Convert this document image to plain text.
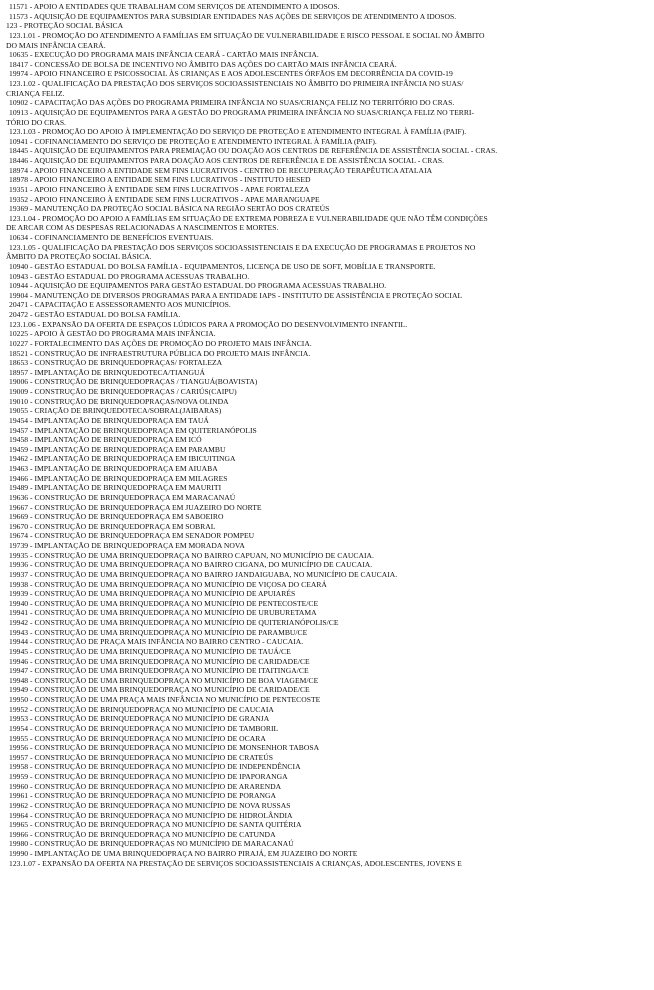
11571 - APOIO A ENTIDADES QUE TRABALHAM COM SERVIÇOS DE ATENDIMENTO A IDOSOS.
11573 - AQUISIÇÃO DE EQUIPAMENTOS PARA SUBSIDIAR ENTIDADES NAS AÇÕES DE SERVIÇOS DE ATENDIMENTO A IDOSOS.
123 - PROTEÇÃO SOCIAL BÁSICA
123.1.01 - PROMOÇÃO DO ATENDIMENTO A FAMÍLIAS EM SITUAÇÃO DE VULNERABILIDADE E RISCO PESSOAL E SOCIAL NO ÂMBITO
DO MAIS INFÂNCIA CEARÁ.
10635 - EXECUÇÃO DO PROGRAMA MAIS INFÂNCIA CEARÁ - CARTÃO MAIS INFÂNCIA.
18417 - CONCESSÃO DE BOLSA DE INCENTIVO NO ÂMBITO DAS AÇÕES DO CARTÃO MAIS INFÂNCIA CEARÁ.
19974 - APOIO FINANCEIRO E PSICOSSOCIAL ÀS CRIANÇAS E AOS ADOLESCENTES ÓRFÃOS EM DECORRÊNCIA DA COVID-19
123.1.02 - QUALIFICAÇÃO DA PRESTAÇÃO DOS SERVIÇOS SOCIOASSISTENCIAIS NO ÂMBITO DO PRIMEIRA INFÂNCIA NO SUAS/
CRIANÇA FELIZ.
10902 - CAPACITAÇÃO DAS AÇÕES DO PROGRAMA PRIMEIRA INFÂNCIA NO SUAS/CRIANÇA FELIZ NO TERRITÓRIO DO CRAS.
10913 - AQUISIÇÃO DE EQUIPAMENTOS PARA A GESTÃO DO PROGRAMA PRIMEIRA INFÂNCIA NO SUAS/CRIANÇA FELIZ NO TERRI-
TÓRIO DO CRAS.
123.1.03 - PROMOÇÃO DO APOIO À IMPLEMENTAÇÃO DO SERVIÇO DE PROTEÇÃO E ATENDIMENTO INTEGRAL À FAMÍLIA (PAIF).
10941 - COFINANCIAMENTO DO SERVIÇO DE PROTEÇÃO E ATENDIMENTO INTEGRAL À FAMÍLIA (PAIF).
18445 - AQUISIÇÃO DE EQUIPAMENTOS PARA PREMIAÇÃO OU DOAÇÃO AOS CENTROS DE REFERÊNCIA DE ASSISTÊNCIA SOCIAL - CRAS.
18446 - AQUISIÇÃO DE EQUIPAMENTOS PARA DOAÇÃO AOS CENTROS DE REFERÊNCIA E DE ASSISTÊNCIA SOCIAL - CRAS.
18974 - APOIO FINANCEIRO A ENTIDADE SEM FINS LUCRATIVOS - CENTRO DE RECUPERAÇÃO TERAPÊUTICA ATALAIA
18978 - APOIO FINANCEIRO A ENTIDADE SEM FINS LUCRATIVOS - INSTITUTO HESED
19351 - APOIO FINANCEIRO À ENTIDADE SEM FINS LUCRATIVOS - APAE FORTALEZA
19352 - APOIO FINANCEIRO À ENTIDADE SEM FINS LUCRATIVOS - APAE MARANGUAPE
19369 - MANUTENÇÃO DA PROTEÇÃO SOCIAL BÁSICA NA REGIÃO SERTÃO DOS CRATEÚS
123.1.04 - PROMOÇÃO DO APOIO A FAMÍLIAS EM SITUAÇÃO DE EXTREMA POBREZA E VULNERABILIDADE QUE NÃO TÊM CONDIÇÕES
DE ARCAR COM AS DESPESAS RELACIONADAS A NASCIMENTOS E MORTES.
10634 - COFINANCIAMENTO DE BENEFÍCIOS EVENTUAIS.
123.1.05 - QUALIFICAÇÃO DA PRESTAÇÃO DOS SERVIÇOS SOCIOASSISTENCIAIS E DA EXECUÇÃO DE PROGRAMAS E PROJETOS NO
ÂMBITO DA PROTEÇÃO SOCIAL BÁSICA.
10940 - GESTÃO ESTADUAL DO BOLSA FAMÍLIA - EQUIPAMENTOS, LICENÇA DE USO DE SOFT, MOBÍLIA E TRANSPORTE.
10943 - GESTÃO ESTADUAL DO PROGRAMA ACESSUAS TRABALHO.
10944 - AQUISIÇÃO DE EQUIPAMENTOS PARA GESTÃO ESTADUAL DO PROGRAMA ACESSUAS TRABALHO.
19904 - MANUTENÇÃO DE DIVERSOS PROGRAMAS PARA A ENTIDADE IAPS - INSTITUTO DE ASSISTÊNCIA E PROTEÇÃO SOCIAL
20471 - CAPACITAÇÃO E ASSESSORAMENTO AOS MUNICÍPIOS.
20472 - GESTÃO ESTADUAL DO BOLSA FAMÍLIA.
123.1.06 - EXPANSÃO DA OFERTA DE ESPAÇOS LÚDICOS PARA A PROMOÇÃO DO DESENVOLVIMENTO INFANTIL.
10225 - APOIO À GESTÃO DO PROGRAMA MAIS INFÂNCIA.
10227 - FORTALECIMENTO DAS AÇÕES DE PROMOÇÃO DO PROJETO MAIS INFÂNCIA.
18521 - CONSTRUÇÃO DE INFRAESTRUTURA PÚBLICA DO PROJETO MAIS INFÂNCIA.
18653 - CONSTRUÇÃO DE BRINQUEDOPRAÇAS/ FORTALEZA
18957 - IMPLANTAÇÃO DE BRINQUEDOTECA/TIANGUÁ
19006 - CONSTRUÇÃO DE BRINQUEDOPRAÇAS / TIANGUÁ(BOAVISTA)
19009 - CONSTRUÇÃO DE BRINQUEDOPRAÇAS / CARIÚS(CAIPU)
19010 - CONSTRUÇÃO DE BRINQUEDOPRAÇAS/NOVA OLINDA
19055 - CRIAÇÃO DE BRINQUEDOTECA/SOBRAL(JAIBARAS)
19454 - IMPLANTAÇÃO DE BRINQUEDOPRAÇA EM TAUÁ
19457 - IMPLANTAÇÃO DE BRINQUEDOPRAÇA EM QUITERIANÓPOLIS
19458 - IMPLANTAÇÃO DE BRINQUEDOPRAÇA EM ICÓ
19459 - IMPLANTAÇÃO DE BRINQUEDOPRAÇA EM PARAMBU
19462 - IMPLANTAÇÃO DE BRINQUEDOPRAÇA EM IBICUITINGA
19463 - IMPLANTAÇÃO DE BRINQUEDOPRAÇA EM AIUABA
19466 - IMPLANTAÇÃO DE BRINQUEDOPRAÇA EM MILAGRES
19489 - IMPLANTAÇÃO DE BRINQUEDOPRAÇA EM MAURITI
19636 - CONSTRUÇÃO DE BRINQUEDOPRAÇA EM MARACANAÚ
19667 - CONSTRUÇÃO DE BRINQUEDOPRAÇA EM JUAZEIRO DO NORTE
19669 - CONSTRUÇÃO DE BRINQUEDOPRAÇA EM SABOEIRO
19670 - CONSTRUÇÃO DE BRINQUEDOPRAÇA EM SOBRAL
19674 - CONSTRUÇÃO DE BRINQUEDOPRAÇA EM SENADOR POMPEU
19739 - IMPLANTAÇÃO DE BRINQUEDOPRAÇA EM MORADA NOVA
19935 - CONSTRUÇÃO DE UMA BRINQUEDOPRAÇA NO BAIRRO CAPUAN, NO MUNICÍPIO DE CAUCAIA.
19936 - CONSTRUÇÃO DE UMA BRINQUEDOPRAÇA NO BAIRRO CIGANA, DO MUNICÍPIO DE CAUCAIA.
19937 - CONSTRUÇÃO DE UMA BRINQUEDOPRAÇA NO BAIRRO JANDAIGUABA, NO MUNICÍPIO DE CAUCAIA.
19938 - CONSTRUÇÃO DE UMA BRINQUEDOPRAÇA NO MUNICÍPIO DE VIÇOSA DO CEARÁ
19939 - CONSTRUÇÃO DE UMA BRINQUEDOPRAÇA NO MUNICÍPIO DE APUIARÉS
19940 - CONSTRUÇÃO DE UMA BRINQUEDOPRAÇA NO MUNICÍPIO DE PENTECOSTE/CE
19941 - CONSTRUÇÃO DE UMA BRINQUEDOPRAÇA NO MUNICÍPIO DE URUBURETAMA
19942 - CONSTRUÇÃO DE UMA BRINQUEDOPRAÇA NO MUNICÍPIO DE QUITERIANÓPOLIS/CE
19943 - CONSTRUÇÃO DE UMA BRINQUEDOPRAÇA NO MUNICÍPIO DE PARAMBU/CE
19944 - CONSTRUÇÃO DE PRAÇA MAIS INFÂNCIA NO BAIRRO CENTRO - CAUCAIA.
19945 - CONSTRUÇÃO DE UMA BRINQUEDOPRAÇA NO MUNICÍPIO DE TAUÁ/CE
19946 - CONSTRUÇÃO DE UMA BRINQUEDOPRAÇA NO MUNICÍPIO DE CARIDADE/CE
19947 - CONSTRUÇÃO DE UMA BRINQUEDOPRAÇA NO MUNICÍPIO DE ITAITINGA/CE
19948 - CONSTRUÇÃO DE UMA BRINQUEDOPRAÇA NO MUNICÍPIO DE BOA VIAGEM/CE
19949 - CONSTRUÇÃO DE UMA BRINQUEDOPRAÇA NO MUNICÍPIO DE CARIDADE/CE
19950 - CONSTRUÇÃO DE UMA PRAÇA MAIS INFÂNCIA NO MUNICÍPIO DE PENTECOSTE
19952 - CONSTRUÇÃO DE BRINQUEDOPRAÇA NO MUNICÍPIO DE CAUCAIA
19953 - CONSTRUÇÃO DE BRINQUEDOPRAÇA NO MUNICÍPIO DE GRANJA
19954 - CONSTRUÇÃO DE BRINQUEDOPRAÇA NO MUNICÍPIO DE TAMBORIL
19955 - CONSTRUÇÃO DE BRINQUEDOPRAÇA NO MUNICÍPIO DE OCARA
19956 - CONSTRUÇÃO DE BRINQUEDOPRAÇA NO MUNICÍPIO DE MONSENHOR TABOSA
19957 - CONSTRUÇÃO DE BRINQUEDOPRAÇA NO MUNICÍPIO DE CRATEÚS
19958 - CONSTRUÇÃO DE BRINQUEDOPRAÇA NO MUNICÍPIO DE INDEPENDÊNCIA
19959 - CONSTRUÇÃO DE BRINQUEDOPRAÇA NO MUNICÍPIO DE IPAPORANGA
19960 - CONSTRUÇÃO DE BRINQUEDOPRAÇA NO MUNICÍPIO DE ARARENDA
19961 - CONSTRUÇÃO DE BRINQUEDOPRAÇA NO MUNICÍPIO DE PORANGA
19962 - CONSTRUÇÃO DE BRINQUEDOPRAÇA NO MUNICÍPIO DE NOVA RUSSAS
19964 - CONSTRUÇÃO DE BRINQUEDOPRAÇA NO MUNICÍPIO DE HIDROLÂNDIA
19965 - CONSTRUÇÃO DE BRINQUEDOPRAÇA NO MUNICÍPIO DE SANTA QUITÉRIA
19966 - CONSTRUÇÃO DE BRINQUEDOPRAÇA NO MUNICÍPIO DE CATUNDA
19980 - CONSTRUÇÃO DE BRINQUEDOPRAÇAS NO MUNICÍPIO DE MARACANAÚ
19990 - IMPLANTAÇÃO DE UMA BRINQUEDOPRAÇA NO BAIRRO PIRAJÁ, EM JUAZEIRO DO NORTE
123.1.07 - EXPANSÃO DA OFERTA NA PRESTAÇÃO DE SERVIÇOS SOCIOASSISTENCIAIS A CRIANÇAS, ADOLESCENTES, JOVENS E
